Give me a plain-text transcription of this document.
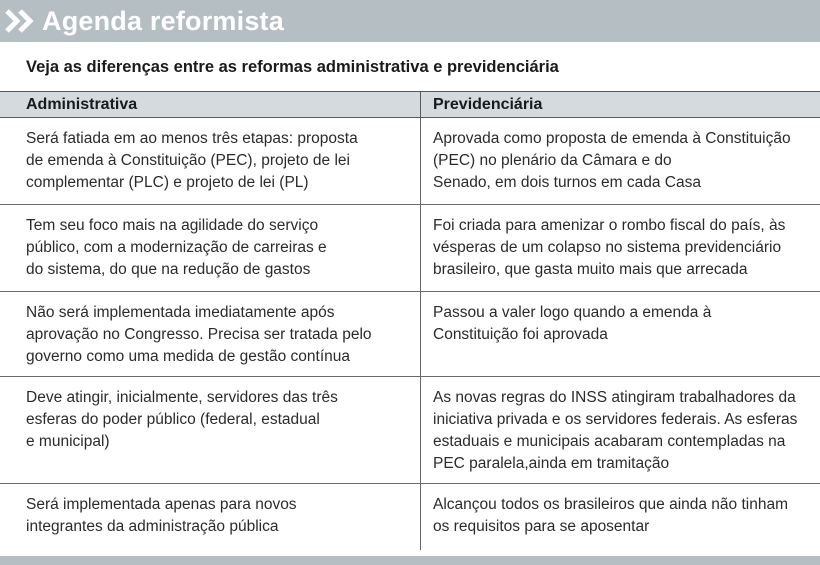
Agenda reformista
Veja as diferenças entre as reformas administrativa e previdenciária
Administrativa	Previdenciária
Será fatiada em ao menos três etapas: proposta
de emenda à Constituição (PEC), projeto de lei
complementar (PLC) e projeto de lei (PL)
Aprovada como proposta de emenda à Constituição
(PEC) no plenário da Câmara e do
Senado, em dois turnos em cada Casa
Tem seu foco mais na agilidade do serviço
público, com a modernização de carreiras e
do sistema, do que na redução de gastos
Foi criada para amenizar o rombo fiscal do país, às
vésperas de um colapso no sistema previdenciário
brasileiro, que gasta muito mais que arrecada
Não será implementada imediatamente após
aprovação no Congresso. Precisa ser tratada pelo
governo como uma medida de gestão contínua
Passou a valer logo quando a emenda à
Constituição foi aprovada
Deve atingir, inicialmente, servidores das três
esferas do poder público (federal, estadual
e municipal)
As novas regras do INSS atingiram trabalhadores da
iniciativa privada e os servidores federais. As esferas
estaduais e municipais acabaram contempladas na
PEC paralela,ainda em tramitação
Será implementada apenas para novos
integrantes da administração pública
Alcançou todos os brasileiros que ainda não tinham
os requisitos para se aposentar
